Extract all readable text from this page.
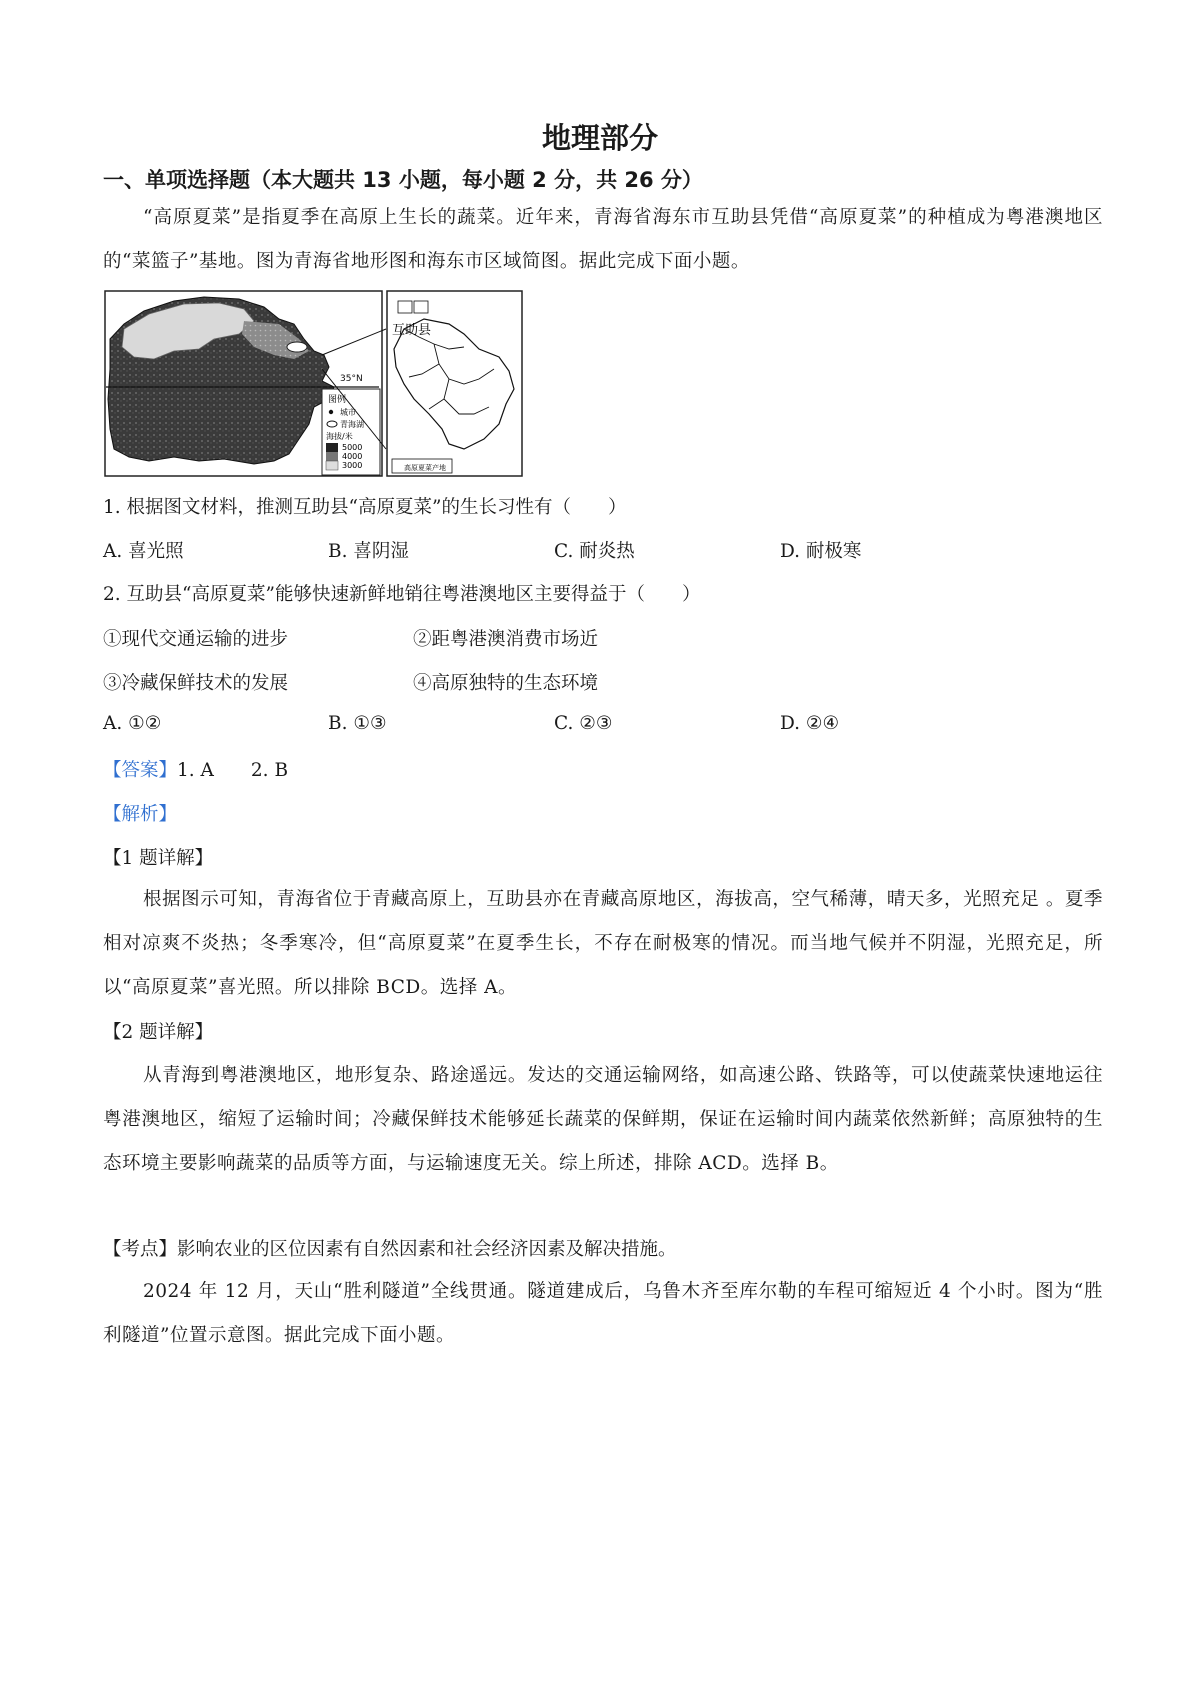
地理部分
一、单项选择题（本大题共 13 小题，每小题 2 分，共 26 分）
“高原夏菜”是指夏季在高原上生长的蔬菜。近年来，青海省海东市互助县凭借“高原夏菜”的种植成为粤港澳地区的“菜篮子”基地。图为青海省地形图和海东市区域简图。据此完成下面小题。
35°N
图例
城市
青海湖
海拔/米
5000
4000
3000
互助县
高原夏菜产地
1. 根据图文材料，推测互助县“高原夏菜”的生长习性有（　　）
A. 喜光照	B. 喜阴湿	C. 耐炎热	D. 耐极寒
2. 互助县“高原夏菜”能够快速新鲜地销往粤港澳地区主要得益于（　　）
①现代交通运输的进步	②距粤港澳消费市场近
③冷藏保鲜技术的发展	④高原独特的生态环境
A. ①②	B. ①③	C. ②③	D. ②④
【答案】1. A　　2. B
【解析】
【1 题详解】
根据图示可知，青海省位于青藏高原上，互助县亦在青藏高原地区，海拔高，空气稀薄，晴天多，光照充足 。夏季相对凉爽不炎热；冬季寒冷，但“高原夏菜”在夏季生长，不存在耐极寒的情况。而当地气候并不阴湿，光照充足，所以“高原夏菜”喜光照。所以排除 BCD。选择 A。
【2 题详解】
从青海到粤港澳地区，地形复杂、路途遥远。发达的交通运输网络，如高速公路、铁路等，可以使蔬菜快速地运往粤港澳地区，缩短了运输时间；冷藏保鲜技术能够延长蔬菜的保鲜期，保证在运输时间内蔬菜依然新鲜；高原独特的生态环境主要影响蔬菜的品质等方面，与运输速度无关。综上所述，排除 ACD。选择 B。
【考点】影响农业的区位因素有自然因素和社会经济因素及解决措施。
2024 年 12 月，天山“胜利隧道”全线贯通。隧道建成后，乌鲁木齐至库尔勒的车程可缩短近 4 个小时。图为“胜利隧道”位置示意图。据此完成下面小题。
